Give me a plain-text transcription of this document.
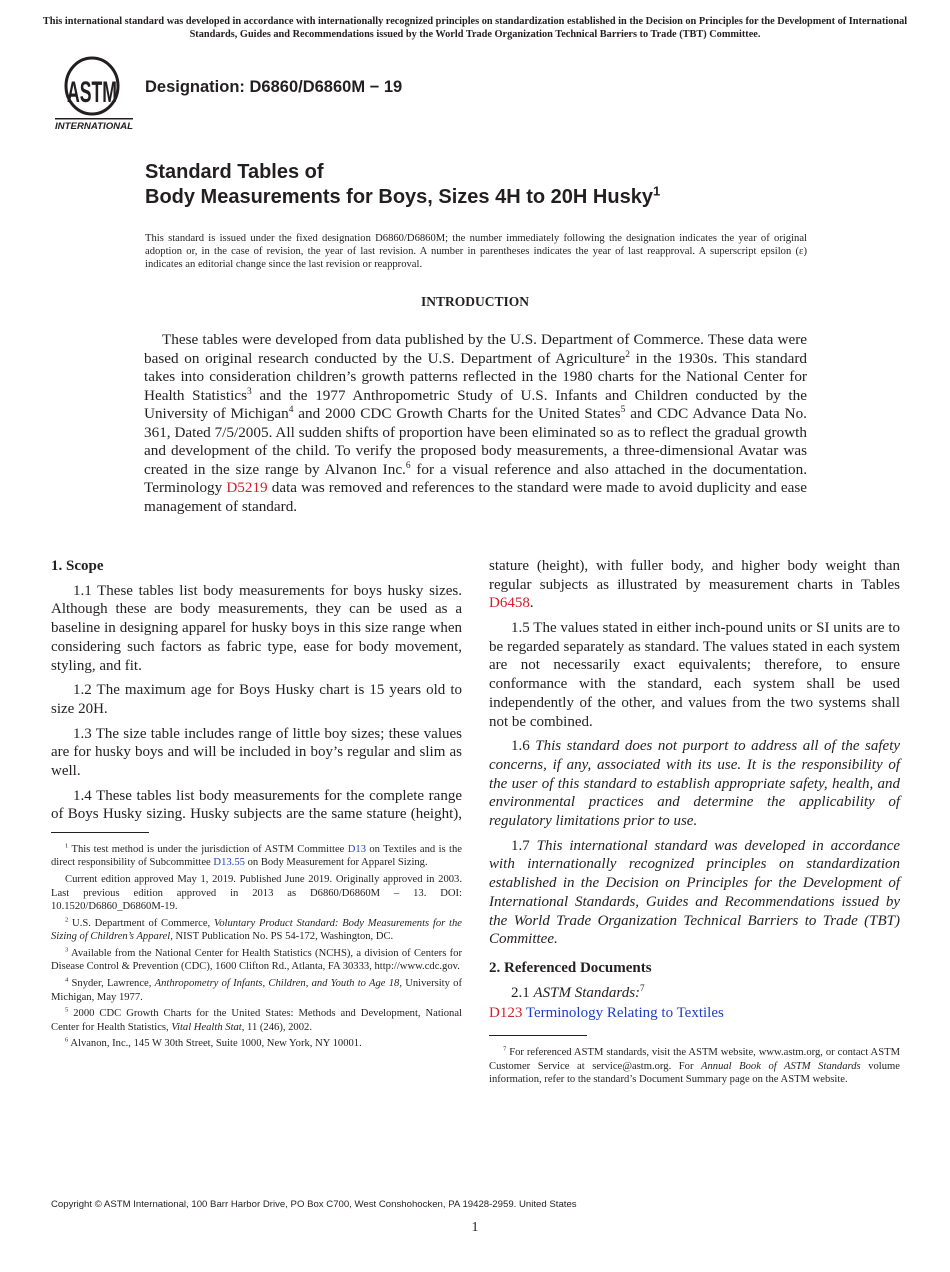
This international standard was developed in accordance with internationally recognized principles on standardization established in the Decision on Principles for the Development of International Standards, Guides and Recommendations issued by the World Trade Organization Technical Barriers to Trade (TBT) Committee.
ASTM
INTERNATIONAL
Designation: D6860/D6860M − 19
Standard Tables of
Body Measurements for Boys, Sizes 4H to 20H Husky$^1$
This standard is issued under the fixed designation D6860/D6860M; the number immediately following the designation indicates the year of original adoption or, in the case of revision, the year of last revision. A number in parentheses indicates the year of last reapproval. A superscript epsilon (ε) indicates an editorial change since the last revision or reapproval.
INTRODUCTION
These tables were developed from data published by the U.S. Department of Commerce. These data were based on original research conducted by the U.S. Department of Agriculture$^2$ in the 1930s. This standard takes into consideration children’s growth patterns reflected in the 1980 charts for the National Center for Health Statistics$^3$ and the 1977 Anthropometric Study of U.S. Infants and Children conducted by the University of Michigan$^4$ and 2000 CDC Growth Charts for the United States$^5$ and CDC Advance Data No. 361, Dated 7/5/2005. All sudden shifts of proportion have been eliminated so as to reflect the gradual growth and development of the child. To verify the proposed body measurements, a three-dimensional Avatar was created in the size range by Alvanon Inc.$^6$ for a visual reference and also attached in the documentation. Terminology D5219 data was removed and references to the standard were made to avoid duplicity and ease management of standard.
1. Scope

1.1 These tables list body measurements for boys husky sizes. Although these are body measurements, they can be used as a baseline in designing apparel for husky boys in this size range when considering such factors as fabric type, ease for body movement, styling, and fit.

1.2 The maximum age for Boys Husky chart is 15 years old to size 20H.

1.3 The size table includes range of little boy sizes; these values are for husky boys and will be included in boy’s regular and slim as well.

1.4 These tables list body measurements for the complete range of Boys Husky sizing. Husky subjects are the same stature (height),

$^1$ This test method is under the jurisdiction of ASTM Committee D13 on Textiles and is the direct responsibility of Subcommittee D13.55 on Body Measurement for Apparel Sizing.

Current edition approved May 1, 2019. Published June 2019. Originally approved in 2003. Last previous edition approved in 2013 as D6860/D6860M – 13. DOI: 10.1520/D6860_D6860M-19.

$^2$ U.S. Department of Commerce, Voluntary Product Standard: Body Measurements for the Sizing of Children’s Apparel, NIST Publication No. PS 54-172, Washington, DC.

$^3$ Available from the National Center for Health Statistics (NCHS), a division of Centers for Disease Control & Prevention (CDC), 1600 Clifton Rd., Atlanta, FA 30333, http://www.cdc.gov.

$^4$ Snyder, Lawrence, Anthropometry of Infants, Children, and Youth to Age 18, University of Michigan, May 1977.

$^5$ 2000 CDC Growth Charts for the United States: Methods and Development, National Center for Health Statistics, Vital Health Stat, 11 (246), 2002.

$^6$ Alvanon, Inc., 145 W 30th Street, Suite 1000, New York, NY 10001.

stature (height), with fuller body, and higher body weight than regular subjects as illustrated by measurement charts in Tables D6458.

1.5 The values stated in either inch-pound units or SI units are to be regarded separately as standard. The values stated in each system are not necessarily exact equivalents; therefore, to ensure conformance with the standard, each system shall be used independently of the other, and values from the two systems shall not be combined.

1.6 This standard does not purport to address all of the safety concerns, if any, associated with its use. It is the responsibility of the user of this standard to establish appropriate safety, health, and environmental practices and determine the applicability of regulatory limitations prior to use.

1.7 This international standard was developed in accordance with internationally recognized principles on standardization established in the Decision on Principles for the Development of International Standards, Guides and Recommendations issued by the World Trade Organization Technical Barriers to Trade (TBT) Committee.

2. Referenced Documents

2.1 ASTM Standards:$^7$

D123 Terminology Relating to Textiles

$^7$ For referenced ASTM standards, visit the ASTM website, www.astm.org, or contact ASTM Customer Service at service@astm.org. For Annual Book of ASTM Standards volume information, refer to the standard’s Document Summary page on the ASTM website.

Copyright © ASTM International, 100 Barr Harbor Drive, PO Box C700, West Conshohocken, PA 19428-2959. United States
1
